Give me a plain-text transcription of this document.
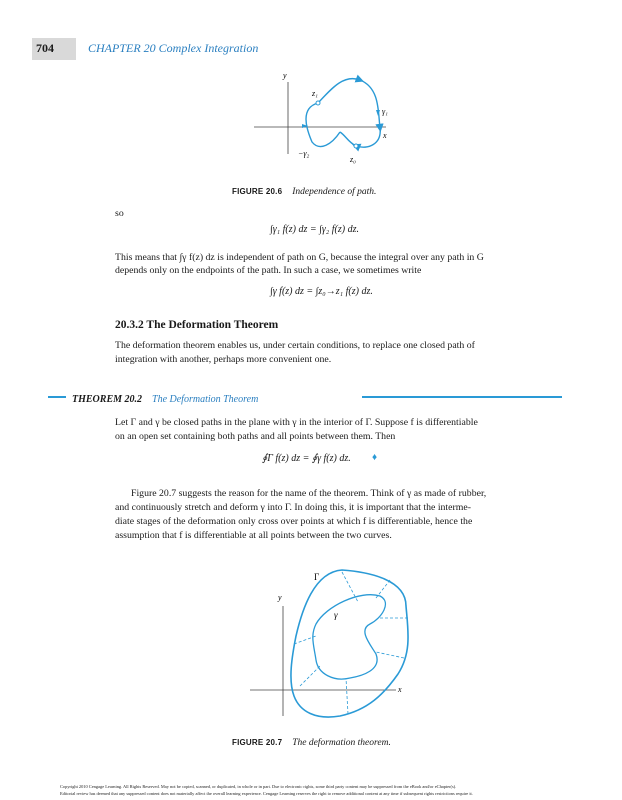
704	CHAPTER 20 Complex Integration
y
x
z₁
z₀
γ₁
−γ₂
FIGURE 20.6 Independence of path.
so
∫γ₁ f(z) dz = ∫γ₂ f(z) dz.
This means that ∫γ f(z) dz is independent of path on G, because the integral over any path in G
depends only on the endpoints of the path. In such a case, we sometimes write
∫γ f(z) dz = ∫z₀→z₁ f(z) dz.
20.3.2 The Deformation Theorem
The deformation theorem enables us, under certain conditions, to replace one closed path of
integration with another, perhaps more convenient one.
THEOREM 20.2 The Deformation Theorem
Let Γ and γ be closed paths in the plane with γ in the interior of Γ. Suppose f is differentiable
on an open set containing both paths and all points between them. Then
∮Γ f(z) dz = ∮γ f(z) dz. ♦
Figure 20.7 suggests the reason for the name of the theorem. Think of γ as made of rubber,
and continuously stretch and deform γ into Γ. In doing this, it is important that the interme-
diate stages of the deformation only cross over points at which f is differentiable, hence the
assumption that f is differentiable at all points between the two curves.
Γ
γ
y
x
FIGURE 20.7 The deformation theorem.
Copyright 2010 Cengage Learning. All Rights Reserved. May not be copied, scanned, or duplicated, in whole or in part. Due to electronic rights, some third party content may be suppressed from the eBook and/or eChapter(s).
Editorial review has deemed that any suppressed content does not materially affect the overall learning experience. Cengage Learning reserves the right to remove additional content at any time if subsequent rights restrictions require it.
